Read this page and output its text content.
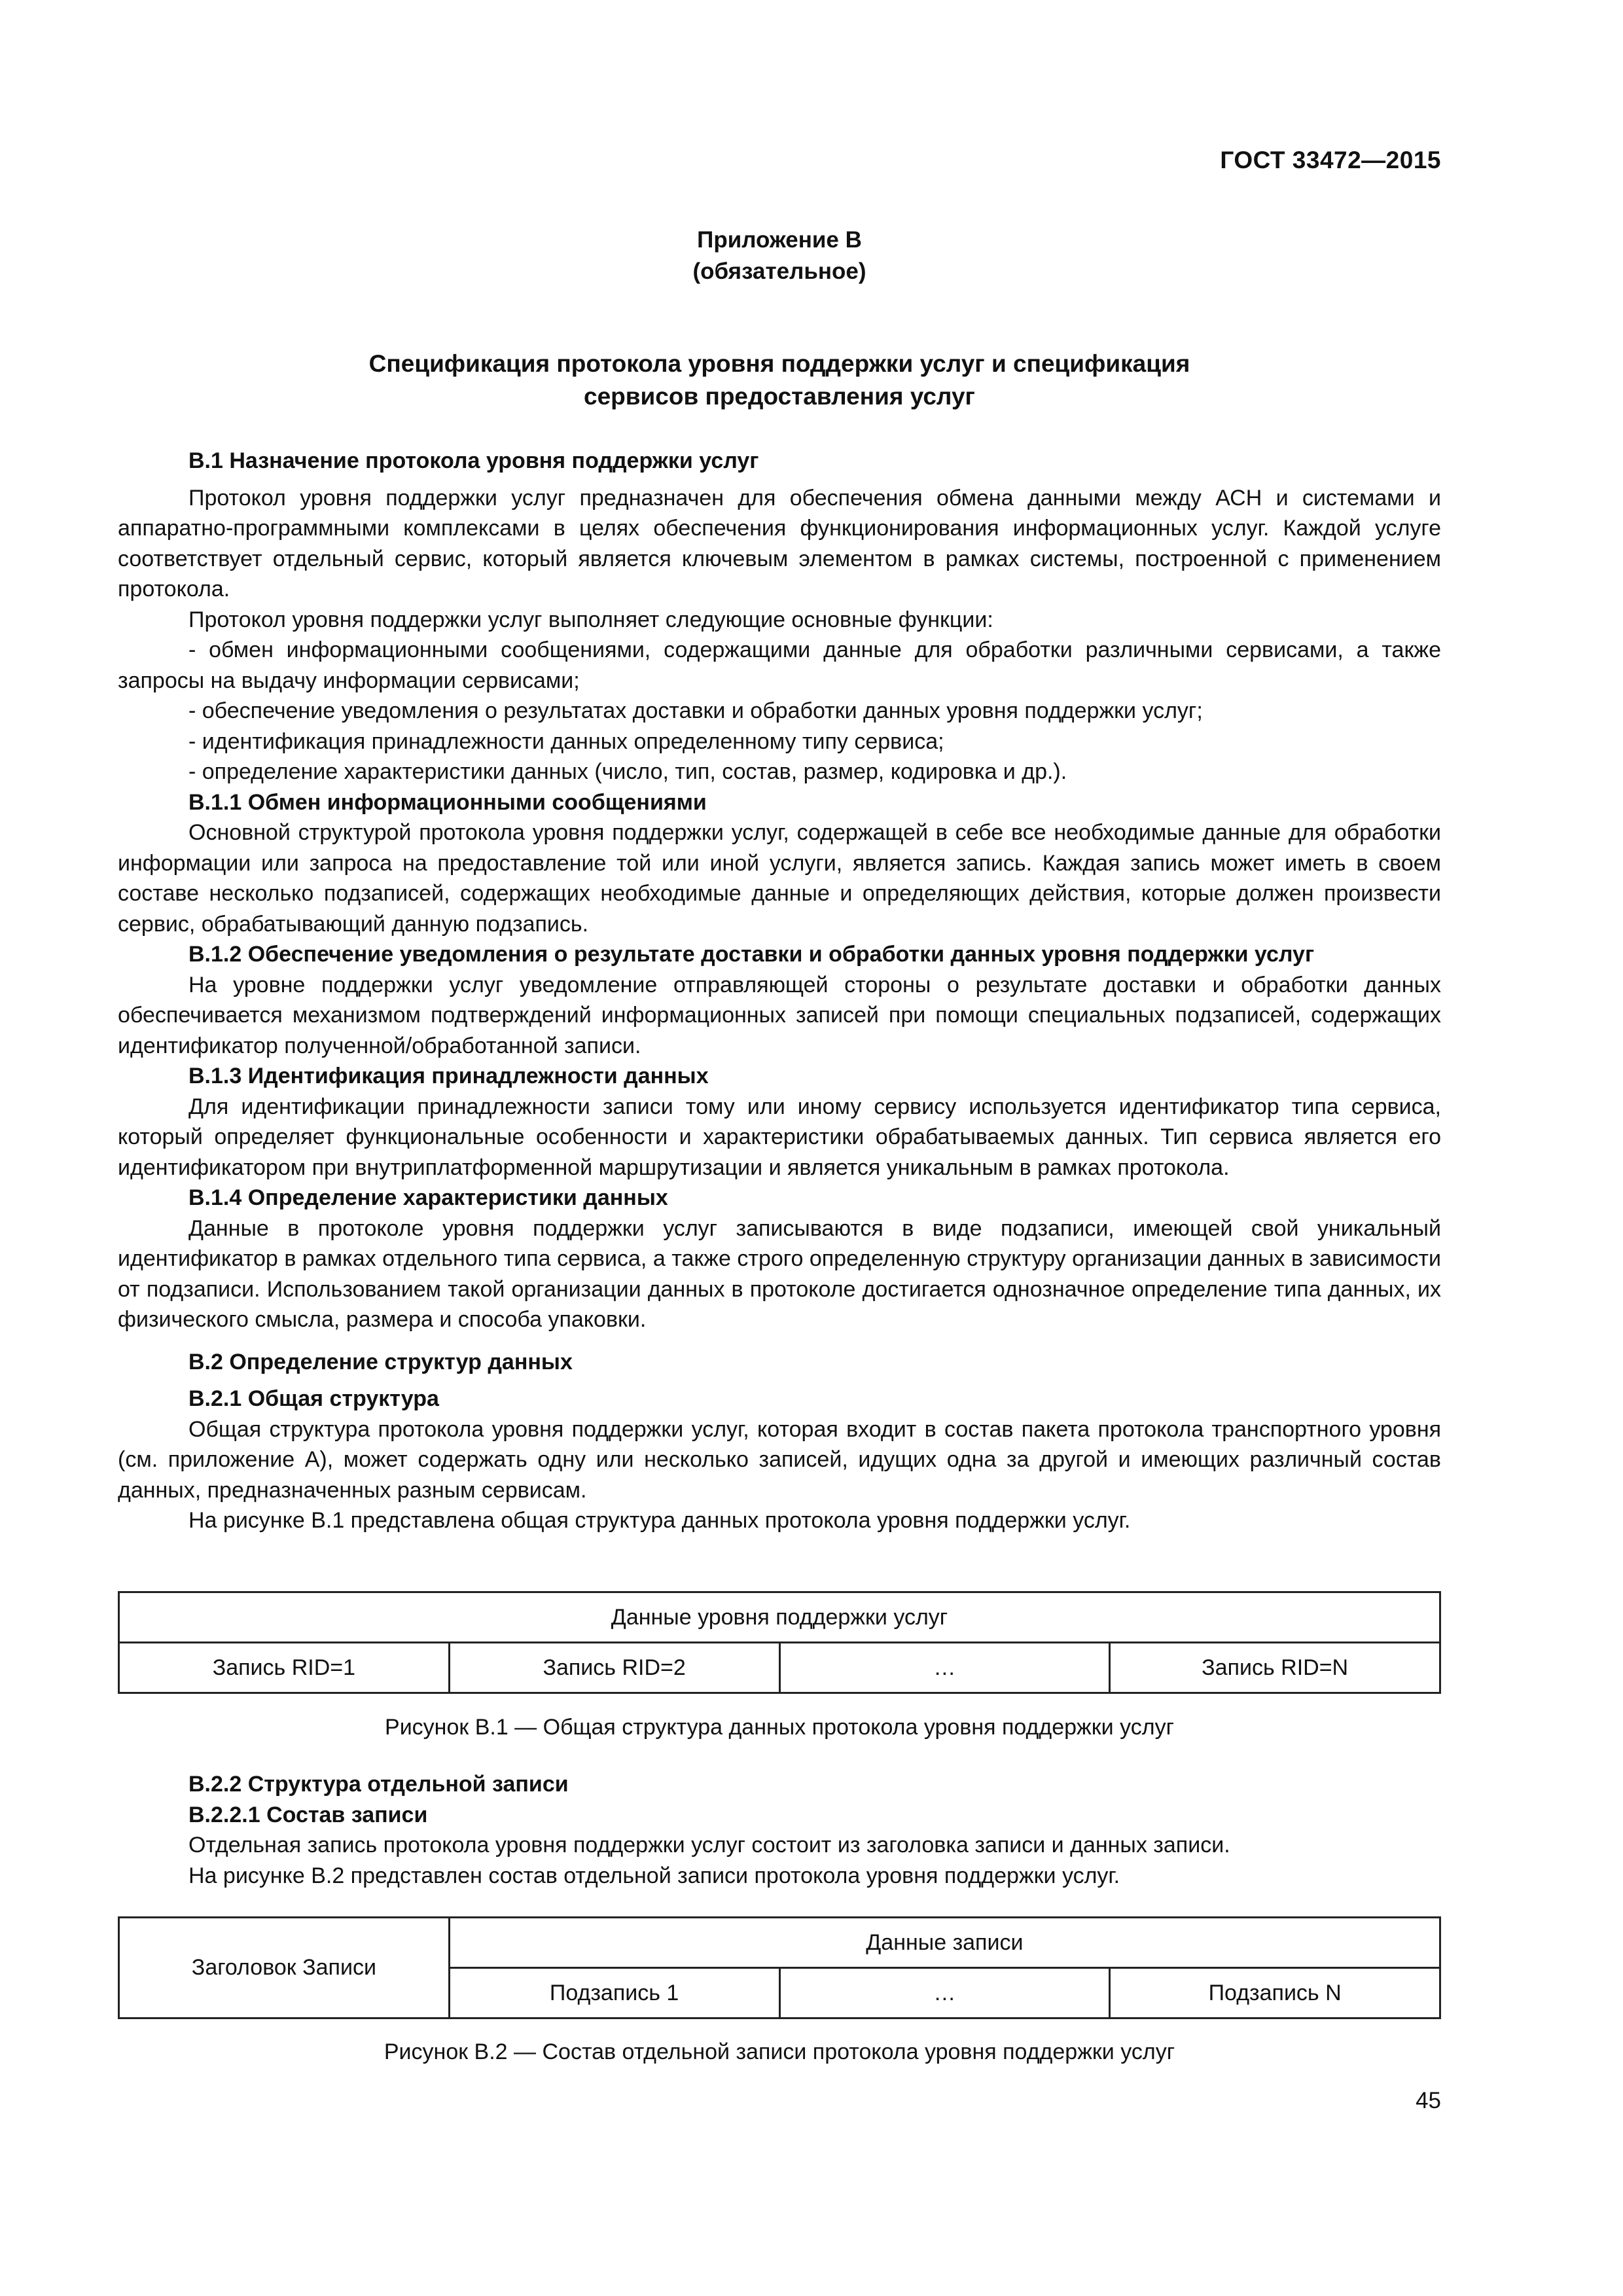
ГОСТ 33472—2015
Приложение В
(обязательное)
Спецификация протокола уровня поддержки услуг и спецификация
сервисов предоставления услуг

В.1 Назначение протокола уровня поддержки услуг

Протокол уровня поддержки услуг предназначен для обеспечения обмена данными между АСН и системами и аппаратно-программными комплексами в целях обеспечения функционирования информационных услуг. Каждой услуге соответствует отдельный сервис, который является ключевым элементом в рамках системы, построенной с применением протокола.

Протокол уровня поддержки услуг выполняет следующие основные функции:

- обмен информационными сообщениями, содержащими данные для обработки различными сервисами, а также запросы на выдачу информации сервисами;

- обеспечение уведомления о результатах доставки и обработки данных уровня поддержки услуг;

- идентификация принадлежности данных определенному типу сервиса;

- определение характеристики данных (число, тип, состав, размер, кодировка и др.).

В.1.1 Обмен информационными сообщениями

Основной структурой протокола уровня поддержки услуг, содержащей в себе все необходимые данные для обработки информации или запроса на предоставление той или иной услуги, является запись. Каждая запись может иметь в своем составе несколько подзаписей, содержащих необходимые данные и определяющих действия, которые должен произвести сервис, обрабатывающий данную подзапись.

В.1.2 Обеспечение уведомления о результате доставки и обработки данных уровня поддержки услуг

На уровне поддержки услуг уведомление отправляющей стороны о результате доставки и обработки данных обеспечивается механизмом подтверждений информационных записей при помощи специальных подзаписей, содержащих идентификатор полученной/обработанной записи.

В.1.3 Идентификация принадлежности данных

Для идентификации принадлежности записи тому или иному сервису используется идентификатор типа сервиса, который определяет функциональные особенности и характеристики обрабатываемых данных. Тип сервиса является его идентификатором при внутриплатформенной маршрутизации и является уникальным в рамках протокола.

В.1.4 Определение характеристики данных

Данные в протоколе уровня поддержки услуг записываются в виде подзаписи, имеющей свой уникальный идентификатор в рамках отдельного типа сервиса, а также строго определенную структуру организации данных в зависимости от подзаписи. Использованием такой организации данных в протоколе достигается однозначное определение типа данных, их физического смысла, размера и способа упаковки.

В.2 Определение структур данных

В.2.1 Общая структура

Общая структура протокола уровня поддержки услуг, которая входит в состав пакета протокола транспортного уровня (см. приложение А), может содержать одну или несколько записей, идущих одна за другой и имеющих различный состав данных, предназначенных разным сервисам.

На рисунке В.1 представлена общая структура данных протокола уровня поддержки услуг.

Данные уровня поддержки услуг
Запись RID=1	Запись RID=2	…	Запись RID=N
Рисунок В.1 — Общая структура данных протокола уровня поддержки услуг

В.2.2 Структура отдельной записи

В.2.2.1 Состав записи

Отдельная запись протокола уровня поддержки услуг состоит из заголовка записи и данных записи.

На рисунке В.2 представлен состав отдельной записи протокола уровня поддержки услуг.

Заголовок Записи	Данные записи		
	Подзапись 1	…	Подзапись N
Рисунок В.2 — Состав отдельной записи протокола уровня поддержки услуг
45
